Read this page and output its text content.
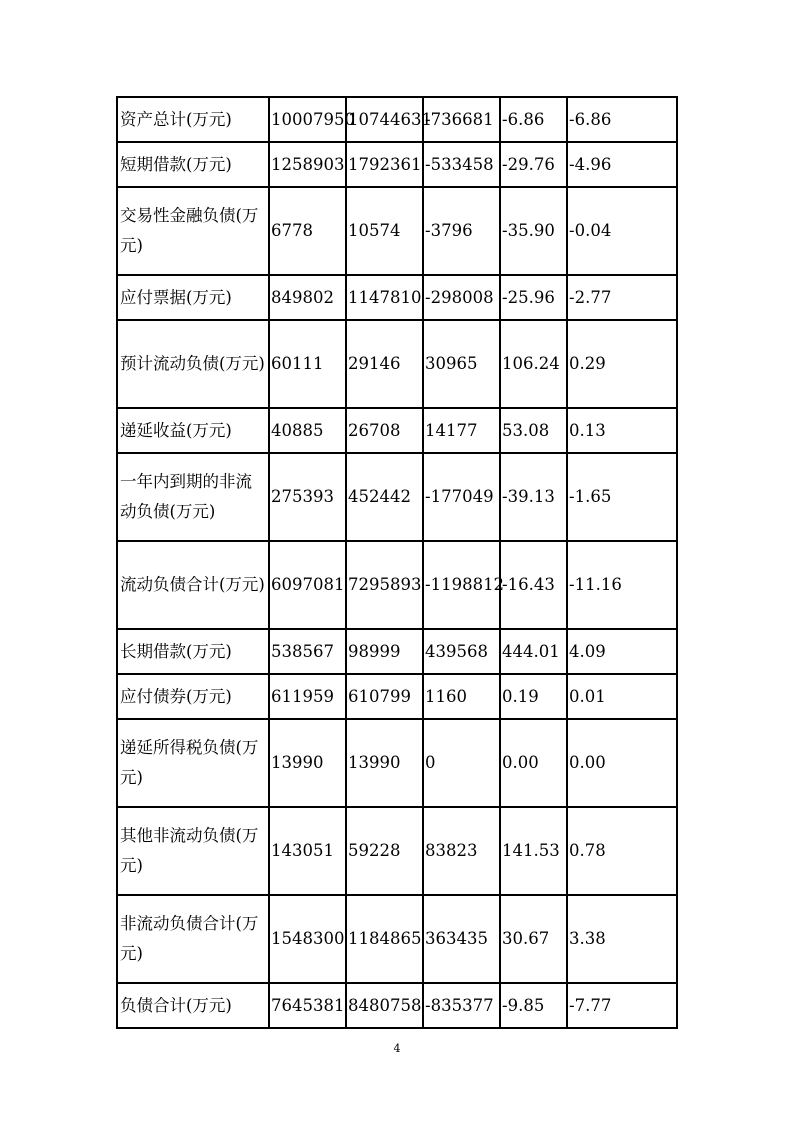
资产总计(万元)	10007950	10744631	-736681	-6.86	-6.86
短期借款(万元)	1258903	1792361	-533458	-29.76	-4.96
交易性金融负债(万元)	6778	10574	-3796	-35.90	-0.04
应付票据(万元)	849802	1147810	-298008	-25.96	-2.77
预计流动负债(万元)	60111	29146	30965	106.24	0.29
递延收益(万元)	40885	26708	14177	53.08	0.13
一年内到期的非流动负债(万元)	275393	452442	-177049	-39.13	-1.65
流动负债合计(万元)	6097081	7295893	-1198812	-16.43	-11.16
长期借款(万元)	538567	98999	439568	444.01	4.09
应付债券(万元)	611959	610799	1160	0.19	0.01
递延所得税负债(万元)	13990	13990	0	0.00	0.00
其他非流动负债(万元)	143051	59228	83823	141.53	0.78
非流动负债合计(万元)	1548300	1184865	363435	30.67	3.38
负债合计(万元)	7645381	8480758	-835377	-9.85	-7.77
4
